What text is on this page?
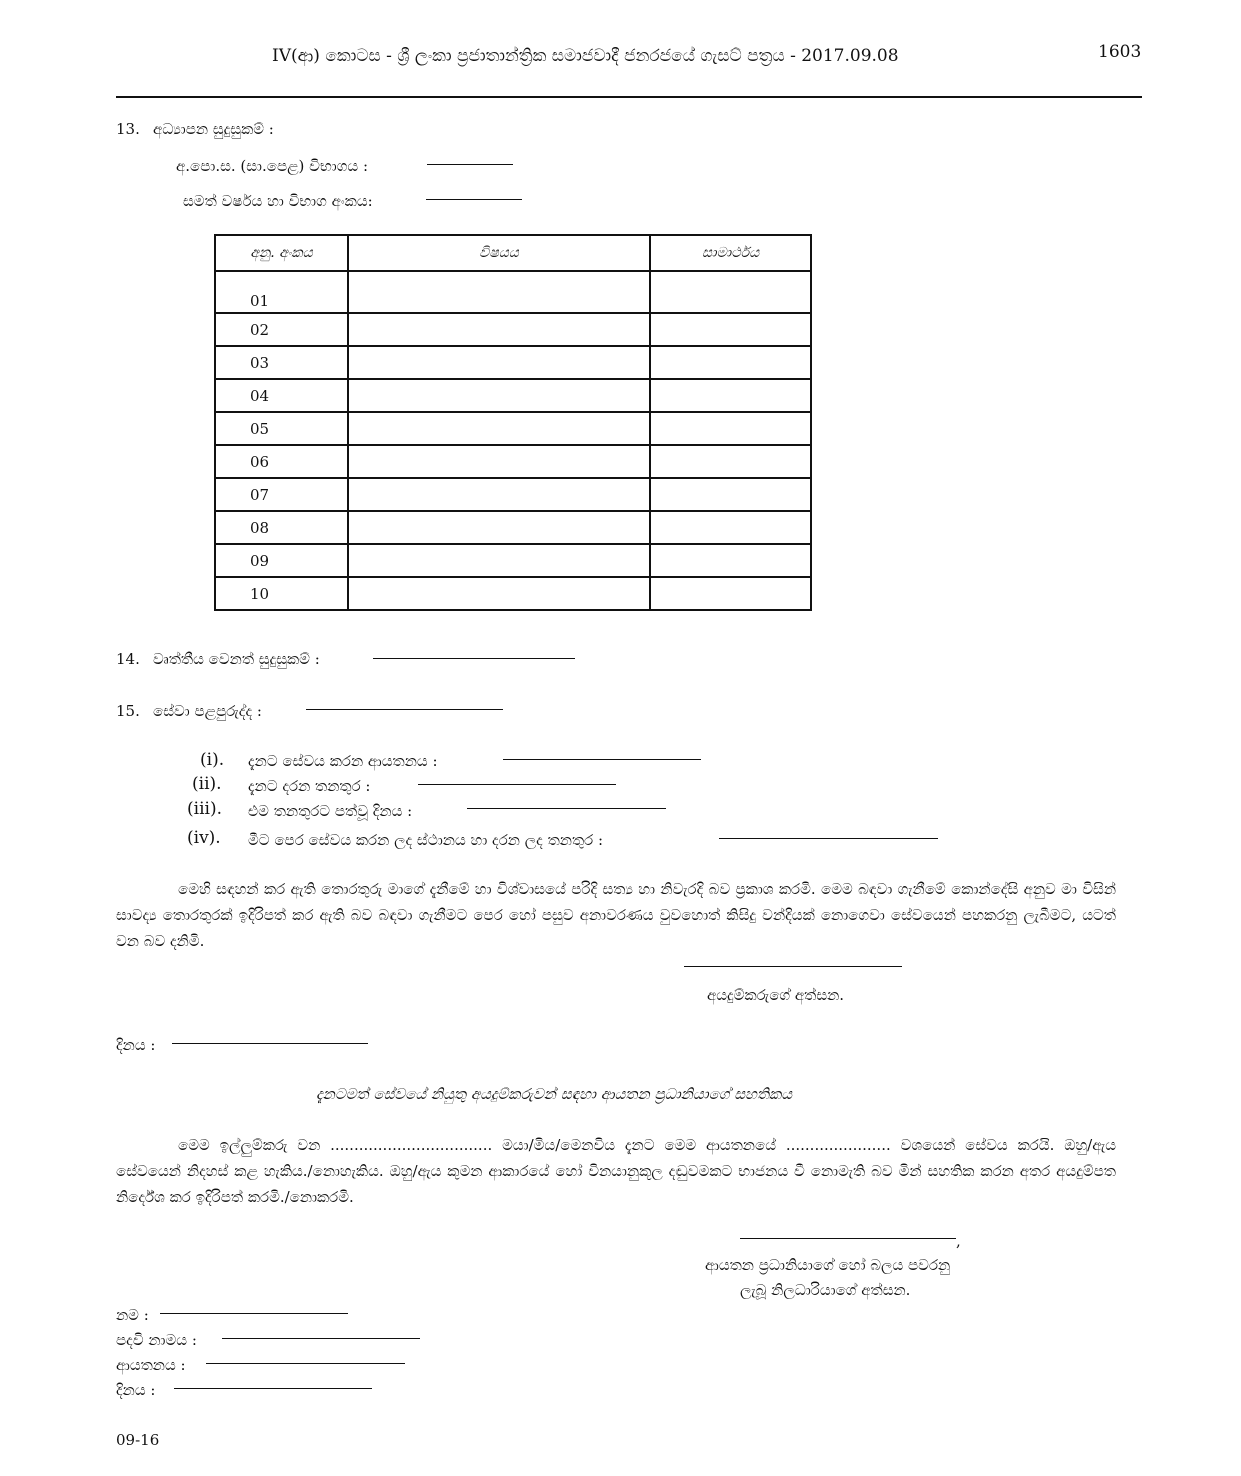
IV(ආ) කොටස - ශ්‍රී ලංකා ප්‍රජාතාන්ත්‍රික සමාජවාදී ජනරජයේ ගැසට් පත්‍රය - 2017.09.08	1603
13. අධ්‍යාපන සුදුසුකම් :
අ.පො.ස. (සා.පෙළ) විභාගය :
සමත් වර්ෂය හා විභාග අංකය:
අනු. අංකය	විෂයය	සාමාර්ථය
01		
02		
03		
04		
05		
06		
07		
08		
09		
10		
14. වෘත්තීය වෙනත් සුදුසුකම් :
15. සේවා පළපුරුද්ද :
(i). දැනට සේවය කරන ආයතනය :
(ii). දැනට දරන තනතුර :
(iii). එම තනතුරට පත්වූ දිනය :
(iv). මීට පෙර සේවය කරන ලද ස්ථානය හා දරන ලද තනතුර :
මෙහි සඳහන් කර ඇති තොරතුරු මාගේ දැනීමේ හා විශ්වාසයේ පරිදි සත්‍ය හා නිවැරදි බව ප්‍රකාශ කරමි. මෙම බඳවා ගැනීමේ කොන්දේසි අනුව මා විසින් සාවද්‍ය තොරතුරක් ඉදිරිපත් කර ඇති බව බඳවා ගැනීමට පෙර හෝ පසුව අනාවරණය වුවහොත් කිසිදු වන්දියක් නොගෙවා සේවයෙන් පහකරනු ලැබීමට, යටත් වන බව දනිමි.
අයදුම්කරුගේ අත්සන.
දිනය :
දැනටමත් සේවයේ නියුතු අයදුම්කරුවන් සඳහා ආයතන ප්‍රධානියාගේ සහතිකය
මෙම ඉල්ලුම්කරු වන .................................. මයා/මිය/මෙනවිය දැනට මෙම ආයතනයේ ...................... වශයෙන් සේවය කරයි. ඔහු/ඇය සේවයෙන් නිදහස් කළ හැකිය./නොහැකිය. ඔහු/ඇය කුමන ආකාරයේ හෝ විනයානුකූල දඬුවමකට භාජනය වී නොමැති බව මින් සහතික කරන අතර අයදුම්පත නිර්දේශ කර ඉදිරිපත් කරමි./නොකරමි.
,
ආයතන ප්‍රධානියාගේ හෝ බලය පවරනු
ලැබූ නිලධාරියාගේ අත්සන.
නම :
පදවි නාමය :
ආයතනය :
දිනය :
09-16
